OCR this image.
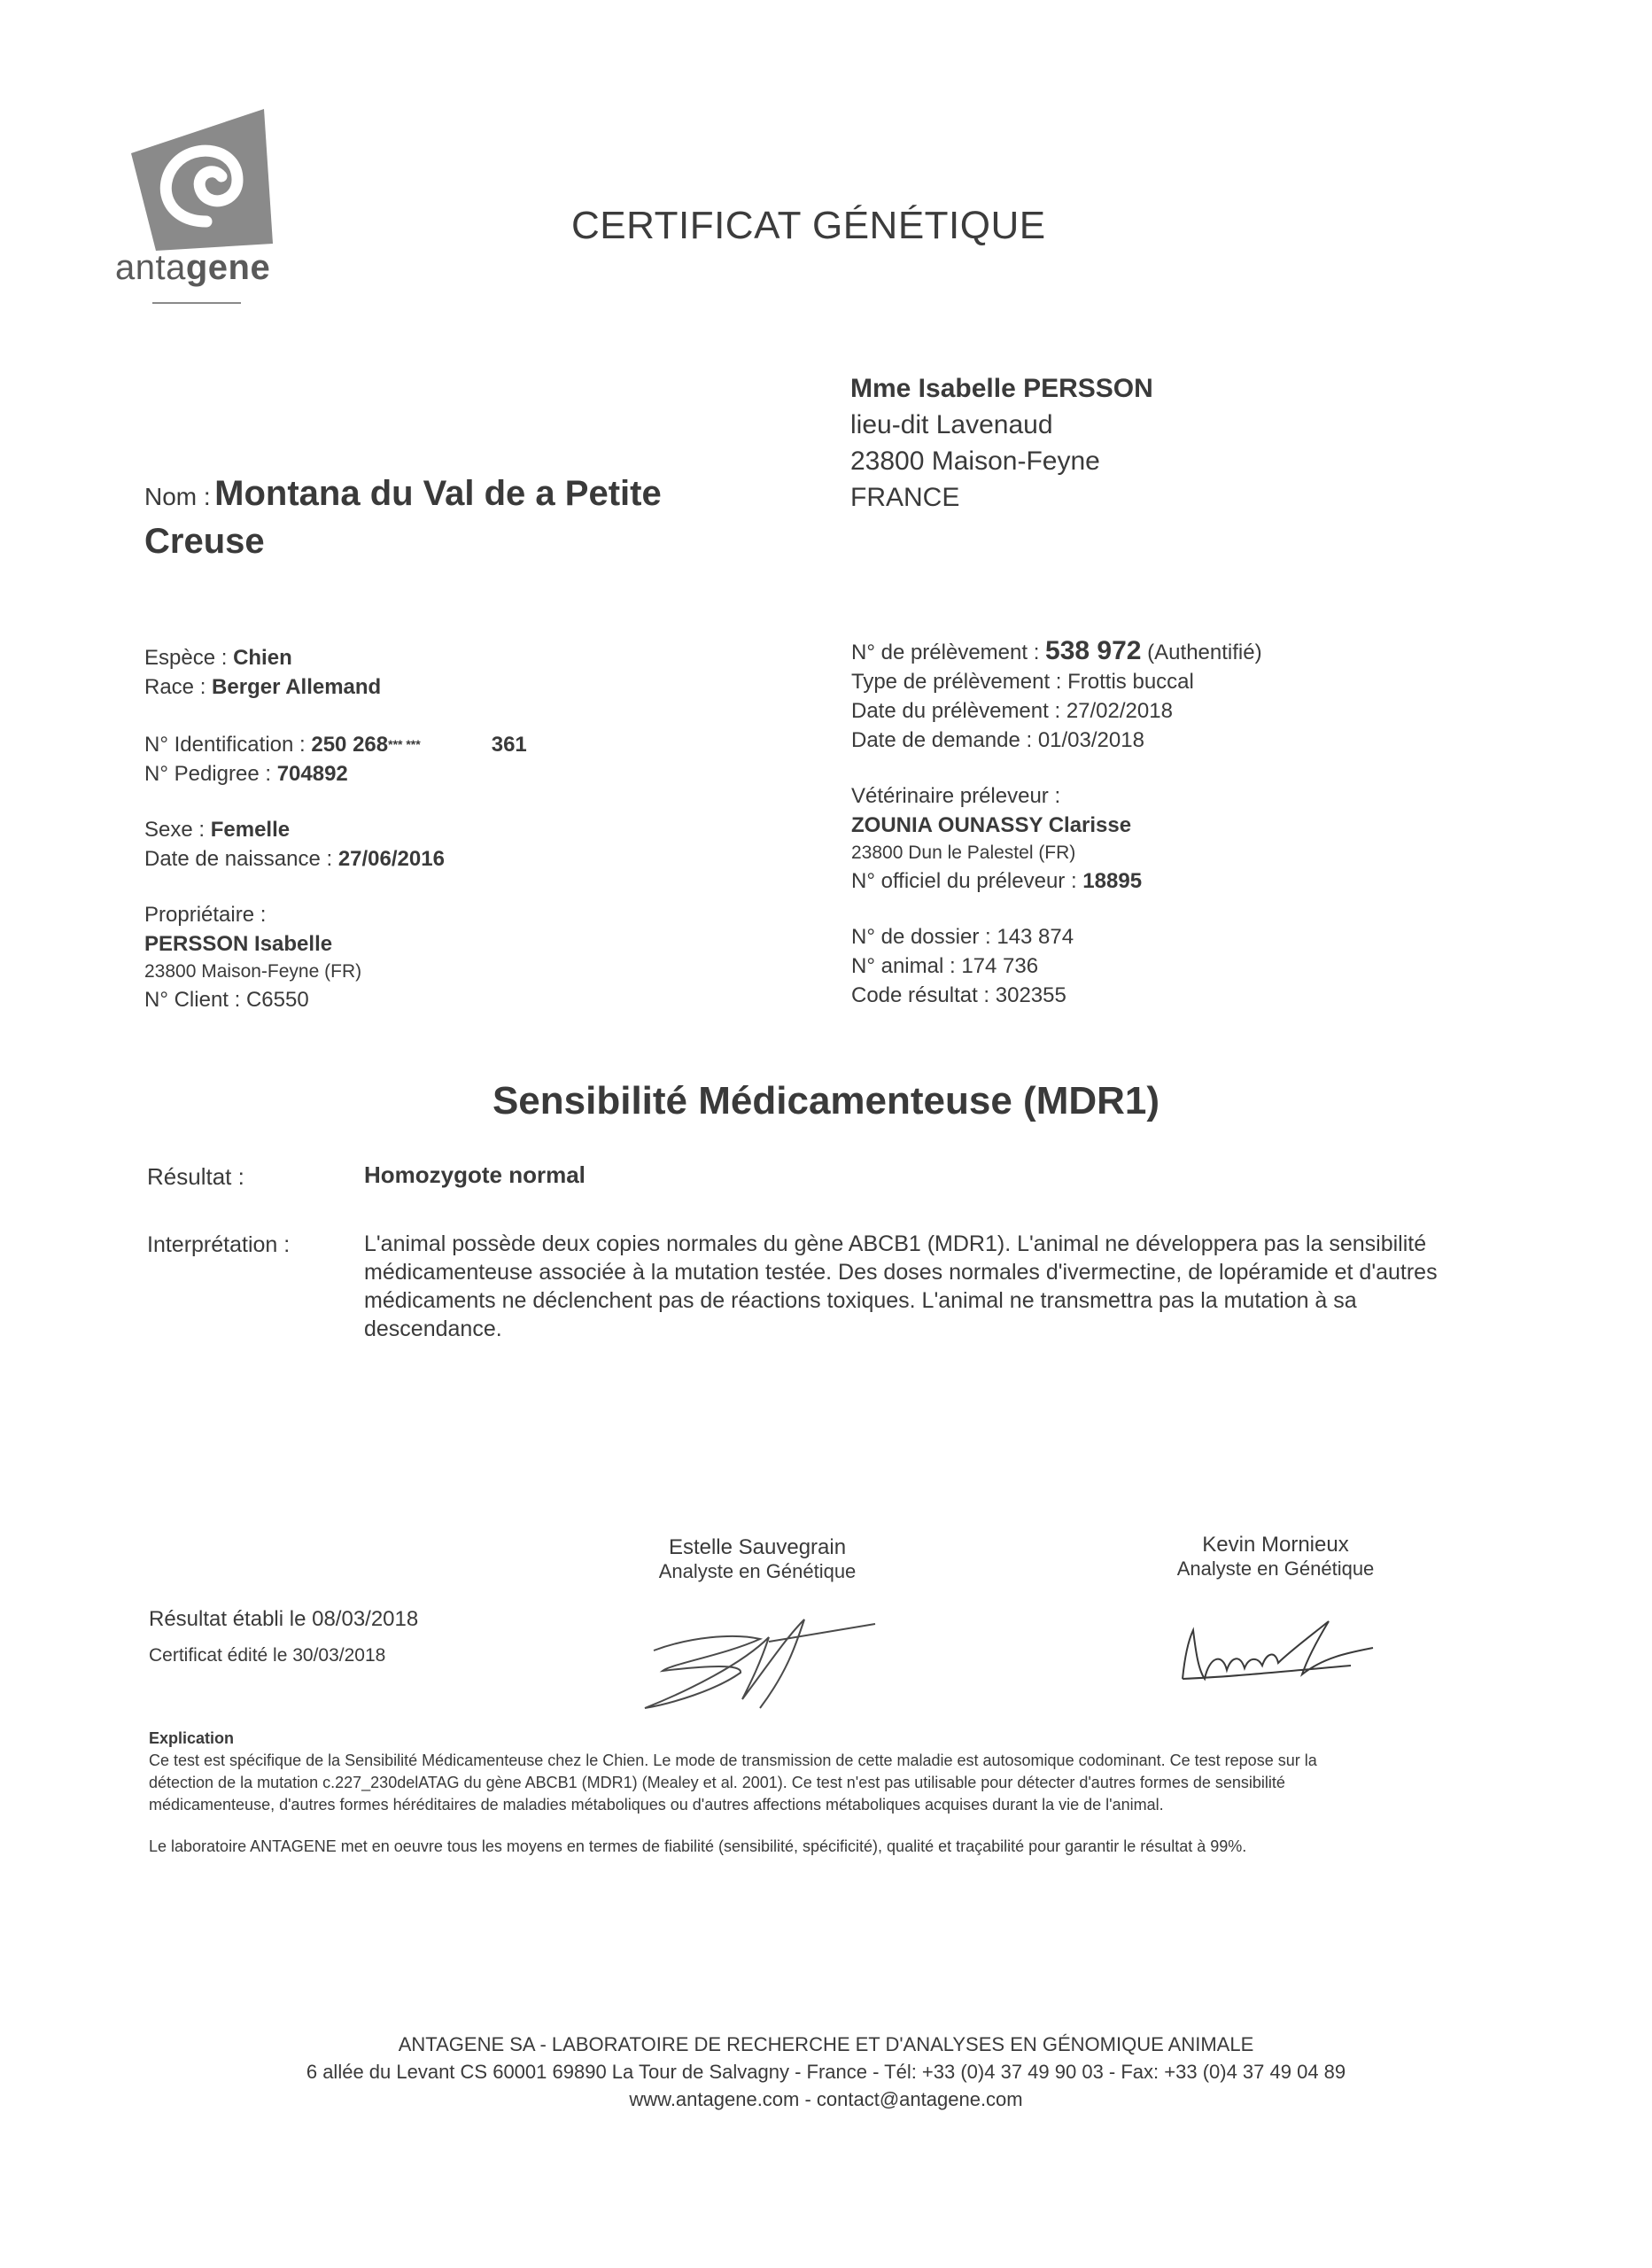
antagene
CERTIFICAT GÉNÉTIQUE
Mme Isabelle PERSSON
lieu-dit Lavenaud
23800 Maison-Feyne
FRANCE
Nom : Montana du Val de a Petite
Creuse
Espèce : Chien
Race : Berger Allemand
N° Identification : 250 268*** ***	361
N° Pedigree : 704892
Sexe : Femelle
Date de naissance : 27/06/2016
Propriétaire :
PERSSON Isabelle
23800 Maison-Feyne (FR)
N° Client : C6550
N° de prélèvement : 538 972 (Authentifié)
Type de prélèvement : Frottis buccal
Date du prélèvement : 27/02/2018
Date de demande : 01/03/2018
Vétérinaire préleveur :
ZOUNIA OUNASSY Clarisse
23800 Dun le Palestel (FR)
N° officiel du préleveur : 18895
N° de dossier : 143 874
N° animal : 174 736
Code résultat : 302355
Sensibilité Médicamenteuse (MDR1)
Résultat :	Homozygote normal
Interprétation :	L'animal possède deux copies normales du gène ABCB1 (MDR1). L'animal ne développera pas la sensibilité
médicamenteuse associée à la mutation testée. Des doses normales d'ivermectine, de lopéramide et d'autres
médicaments ne déclenchent pas de réactions toxiques. L'animal ne transmettra pas la mutation à sa
descendance.
Estelle Sauvegrain
Analyste en Génétique
Kevin Mornieux
Analyste en Génétique
Résultat établi le 08/03/2018
Certificat édité le 30/03/2018
Explication
Ce test est spécifique de la Sensibilité Médicamenteuse chez le Chien. Le mode de transmission de cette maladie est autosomique codominant. Ce test repose sur la
détection de la mutation c.227_230delATAG du gène ABCB1 (MDR1) (Mealey et al. 2001). Ce test n'est pas utilisable pour détecter d'autres formes de sensibilité
médicamenteuse, d'autres formes héréditaires de maladies métaboliques ou d'autres affections métaboliques acquises durant la vie de l'animal.
Le laboratoire ANTAGENE met en oeuvre tous les moyens en termes de fiabilité (sensibilité, spécificité), qualité et traçabilité pour garantir le résultat à 99%.
ANTAGENE SA - LABORATOIRE DE RECHERCHE ET D'ANALYSES EN GÉNOMIQUE ANIMALE
6 allée du Levant CS 60001 69890 La Tour de Salvagny - France - Tél: +33 (0)4 37 49 90 03 - Fax: +33 (0)4 37 49 04 89
www.antagene.com - contact@antagene.com
